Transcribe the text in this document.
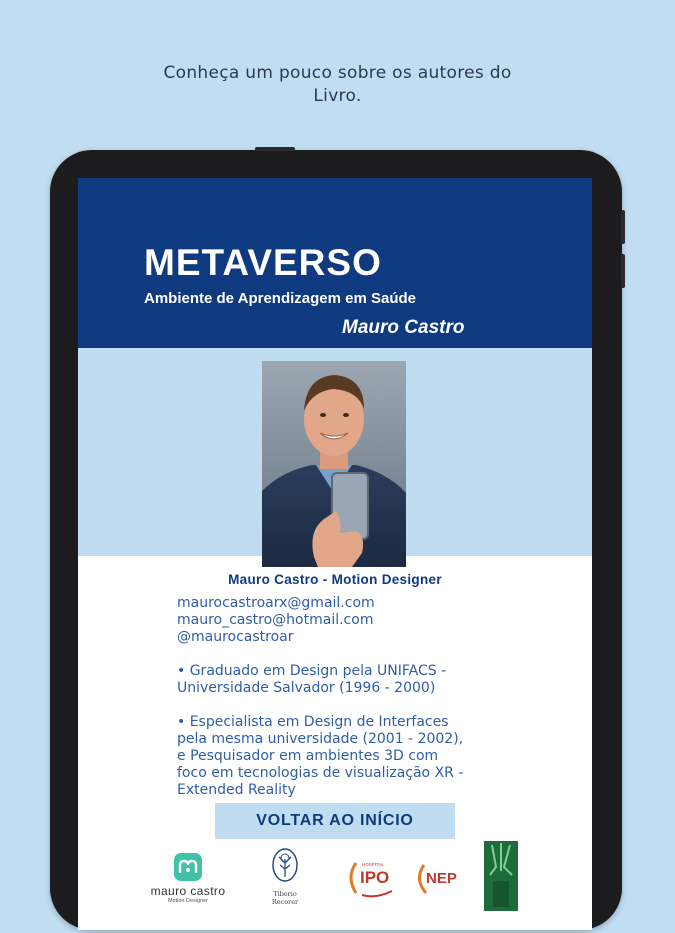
Conheça um pouco sobre os autores do
Livro.
METAVERSO
Ambiente de Aprendizagem em Saúde
Mauro Castro
Mauro Castro - Motion Designer
maurocastroarx@gmail.com
mauro_castro@hotmail.com
@maurocastroar
• Graduado em Design pela UNIFACS -
Universidade Salvador (1996 - 2000)
• Especialista em Design de Interfaces
pela mesma universidade (2001 - 2002),
e Pesquisador em ambientes 3D com
foco em tecnologias de visualização XR -
Extended Reality
VOLTAR AO INÍCIO
mauro castro
Motion Designer
Tiberio Recorer
HOSPITAL
IPO NEP
